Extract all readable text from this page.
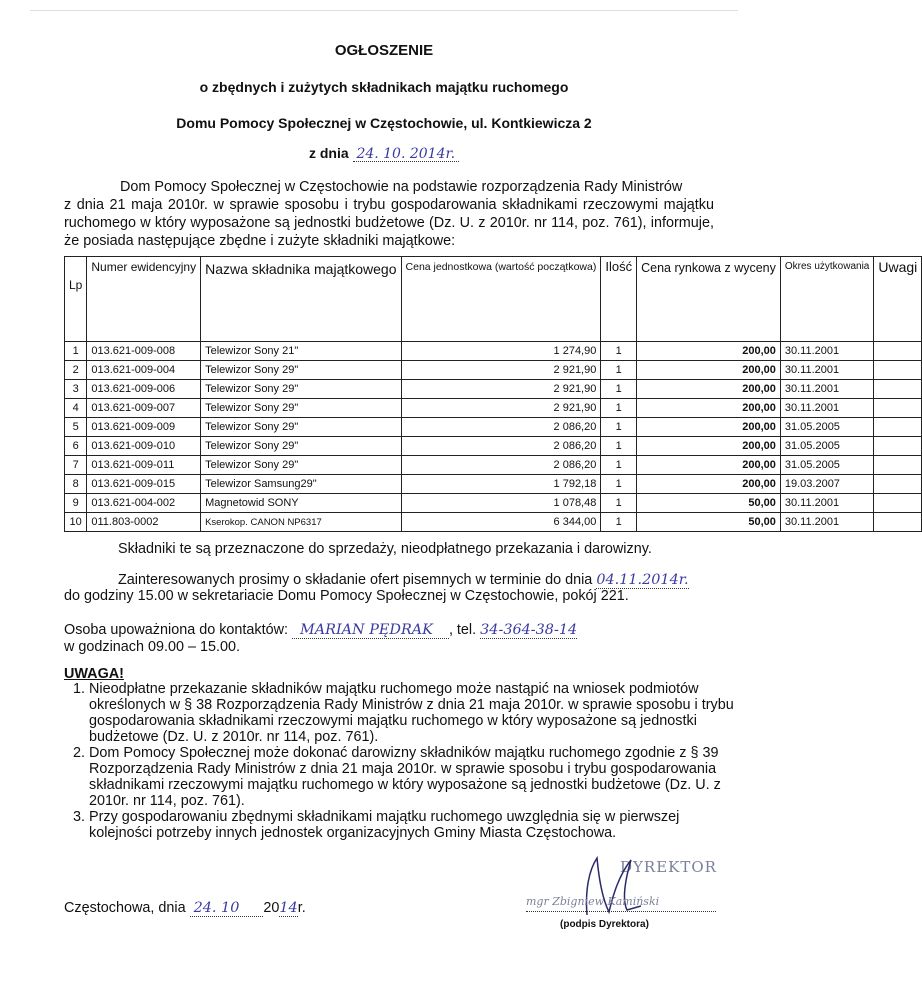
OGŁOSZENIE
o zbędnych i zużytych składnikach majątku ruchomego
Domu Pomocy Społecznej w Częstochowie, ul. Kontkiewicza 2
z dnia 24. 10. 2014r.
Dom Pomocy Społecznej w Częstochowie na podstawie rozporządzenia Rady Ministrów
z dnia 21 maja 2010r. w sprawie sposobu i trybu gospodarowania składnikami rzeczowymi majątku ruchomego w który wyposażone są jednostki budżetowe (Dz. U. z 2010r. nr 114, poz. 761), informuje, że posiada następujące zbędne i zużyte składniki majątkowe:
Lp	Numer ewidencyjny	Nazwa składnika majątkowego	Cena jednostkowa (wartość początkowa)	Ilość	Cena rynkowa z wyceny	Okres użytkowania	Uwagi
1	013.621-009-008	Telewizor Sony 21"	1 274,90	1	200,00	30.11.2001	
2	013.621-009-004	Telewizor Sony 29"	2 921,90	1	200,00	30.11.2001	
3	013.621-009-006	Telewizor Sony 29"	2 921,90	1	200,00	30.11.2001	
4	013.621-009-007	Telewizor Sony 29"	2 921,90	1	200,00	30.11.2001	
5	013.621-009-009	Telewizor Sony 29"	2 086,20	1	200,00	31.05.2005	
6	013.621-009-010	Telewizor Sony 29"	2 086,20	1	200,00	31.05.2005	
7	013.621-009-011	Telewizor Sony 29"	2 086,20	1	200,00	31.05.2005	
8	013.621-009-015	Telewizor Samsung29"	1 792,18	1	200,00	19.03.2007	
9	013.621-004-002	Magnetowid SONY	1 078,48	1	50,00	30.11.2001	
10	011.803-0002	Kserokop. CANON NP6317	6 344,00	1	50,00	30.11.2001	
Składniki te są przeznaczone do sprzedaży, nieodpłatnego przekazania i darowizny.
Zainteresowanych prosimy o składanie ofert pisemnych w terminie do dnia 04.11.2014r.
do godziny 15.00 w sekretariacie Domu Pomocy Społecznej w Częstochowie, pokój 221.
Osoba upoważniona do kontaktów: MARIAN PĘDRAK , tel. 34-364-38-14
w godzinach 09.00 – 15.00.
UWAGA!
1. Nieodpłatne przekazanie składników majątku ruchomego może nastąpić na wniosek podmiotów określonych w § 38 Rozporządzenia Rady Ministrów z dnia 21 maja 2010r. w sprawie sposobu i trybu gospodarowania składnikami rzeczowymi majątku ruchomego w który wyposażone są jednostki budżetowe (Dz. U. z 2010r. nr 114, poz. 761).
2. Dom Pomocy Społecznej może dokonać darowizny składników majątku ruchomego zgodnie z § 39 Rozporządzenia Rady Ministrów z dnia 21 maja 2010r. w sprawie sposobu i trybu gospodarowania składnikami rzeczowymi majątku ruchomego w który wyposażone są jednostki budżetowe (Dz. U. z 2010r. nr 114, poz. 761).
3. Przy gospodarowaniu zbędnymi składnikami majątku ruchomego uwzględnia się w pierwszej kolejności potrzeby innych jednostek organizacyjnych Gminy Miasta Częstochowa.
Częstochowa, dnia 24. 10 2014r.
DYREKTOR
mgr Zbigniew Kamiński
(podpis Dyrektora)
